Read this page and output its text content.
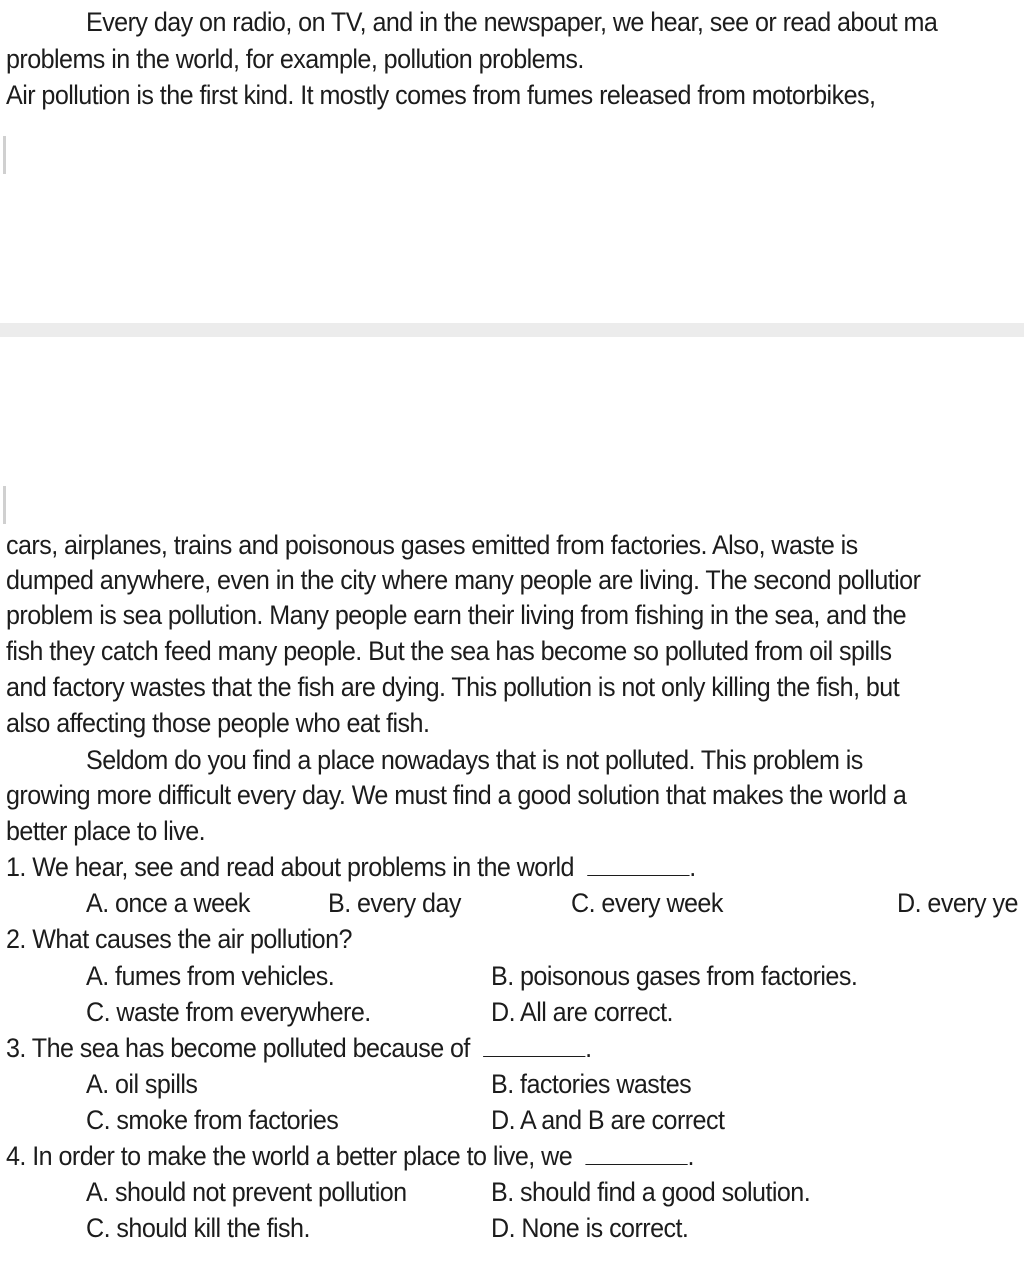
Every day on radio, on TV, and in the newspaper, we hear, see or read about ma
problems in the world, for example, pollution problems.
Air pollution is the first kind. It mostly comes from fumes released from motorbikes,
cars, airplanes, trains and poisonous gases emitted from factories. Also, waste is
dumped anywhere, even in the city where many people are living. The second pollutior
problem is sea pollution. Many people earn their living from fishing in the sea, and the
fish they catch feed many people. But the sea has become so polluted from oil spills
and factory wastes that the fish are dying. This pollution is not only killing the fish, but
also affecting those people who eat fish.
Seldom do you find a place nowadays that is not polluted. This problem is
growing more difficult every day. We must find a good solution that makes the world a
better place to live.
1. We hear, see and read about problems in the world	.
A. once a week	B. every day	C. every week	D. every ye
2. What causes the air pollution?
A. fumes from vehicles.	B. poisonous gases from factories.
C. waste from everywhere.	D. All are correct.
3. The sea has become polluted because of	.
A. oil spills	B. factories wastes
C. smoke from factories	D. A and B are correct
4. In order to make the world a better place to live, we	.
A. should not prevent pollution	B. should find a good solution.
C. should kill the fish.	D. None is correct.
